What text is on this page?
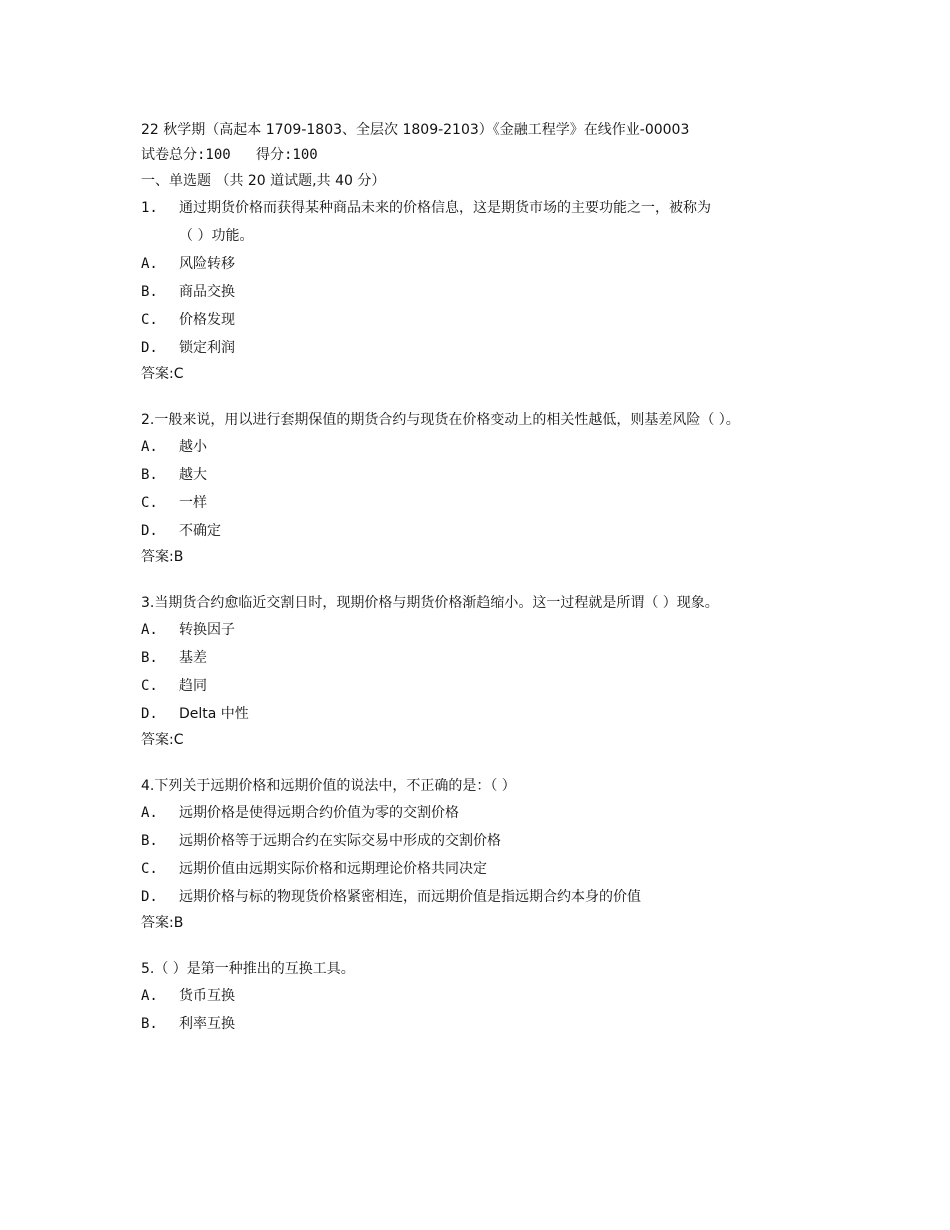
22 秋学期（高起本 1709-1803、全层次 1809-2103）《金融工程学》在线作业-00003
试卷总分:100   得分:100
一、单选题 （共 20 道试题,共 40 分）
1. 通过期货价格而获得某种商品未来的价格信息，这是期货市场的主要功能之一，被称为
（ ）功能。
A. 风险转移
B. 商品交换
C. 价格发现
D. 锁定利润
答案:C
2.一般来说，用以进行套期保值的期货合约与现货在价格变动上的相关性越低，则基差风险（ ）。
A. 越小
B. 越大
C. 一样
D. 不确定
答案:B
3.当期货合约愈临近交割日时，现期价格与期货价格渐趋缩小。这一过程就是所谓（ ）现象。
A. 转换因子
B. 基差
C. 趋同
D. Delta 中性
答案:C
4.下列关于远期价格和远期价值的说法中，不正确的是：（ ）
A. 远期价格是使得远期合约价值为零的交割价格
B. 远期价格等于远期合约在实际交易中形成的交割价格
C. 远期价值由远期实际价格和远期理论价格共同决定
D. 远期价格与标的物现货价格紧密相连，而远期价值是指远期合约本身的价值
答案:B
5.（ ）是第一种推出的互换工具。
A. 货币互换
B. 利率互换
